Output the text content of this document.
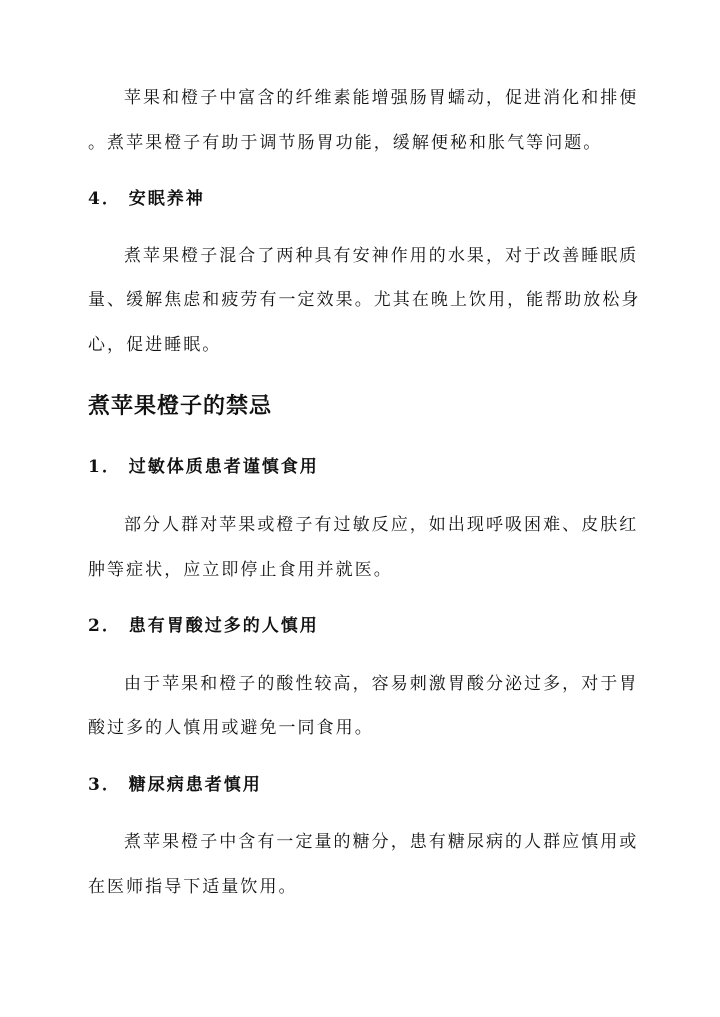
苹果和橙子中富含的纤维素能增强肠胃蠕动，促进消化和排便
。煮苹果橙子有助于调节肠胃功能，缓解便秘和胀气等问题。
4． 安眠养神
煮苹果橙子混合了两种具有安神作用的水果，对于改善睡眠质
量、缓解焦虑和疲劳有一定效果。尤其在晚上饮用，能帮助放松身
心，促进睡眠。
煮苹果橙子的禁忌
1． 过敏体质患者谨慎食用
部分人群对苹果或橙子有过敏反应，如出现呼吸困难、皮肤红
肿等症状，应立即停止食用并就医。
2． 患有胃酸过多的人慎用
由于苹果和橙子的酸性较高，容易刺激胃酸分泌过多，对于胃
酸过多的人慎用或避免一同食用。
3． 糖尿病患者慎用
煮苹果橙子中含有一定量的糖分，患有糖尿病的人群应慎用或
在医师指导下适量饮用。
